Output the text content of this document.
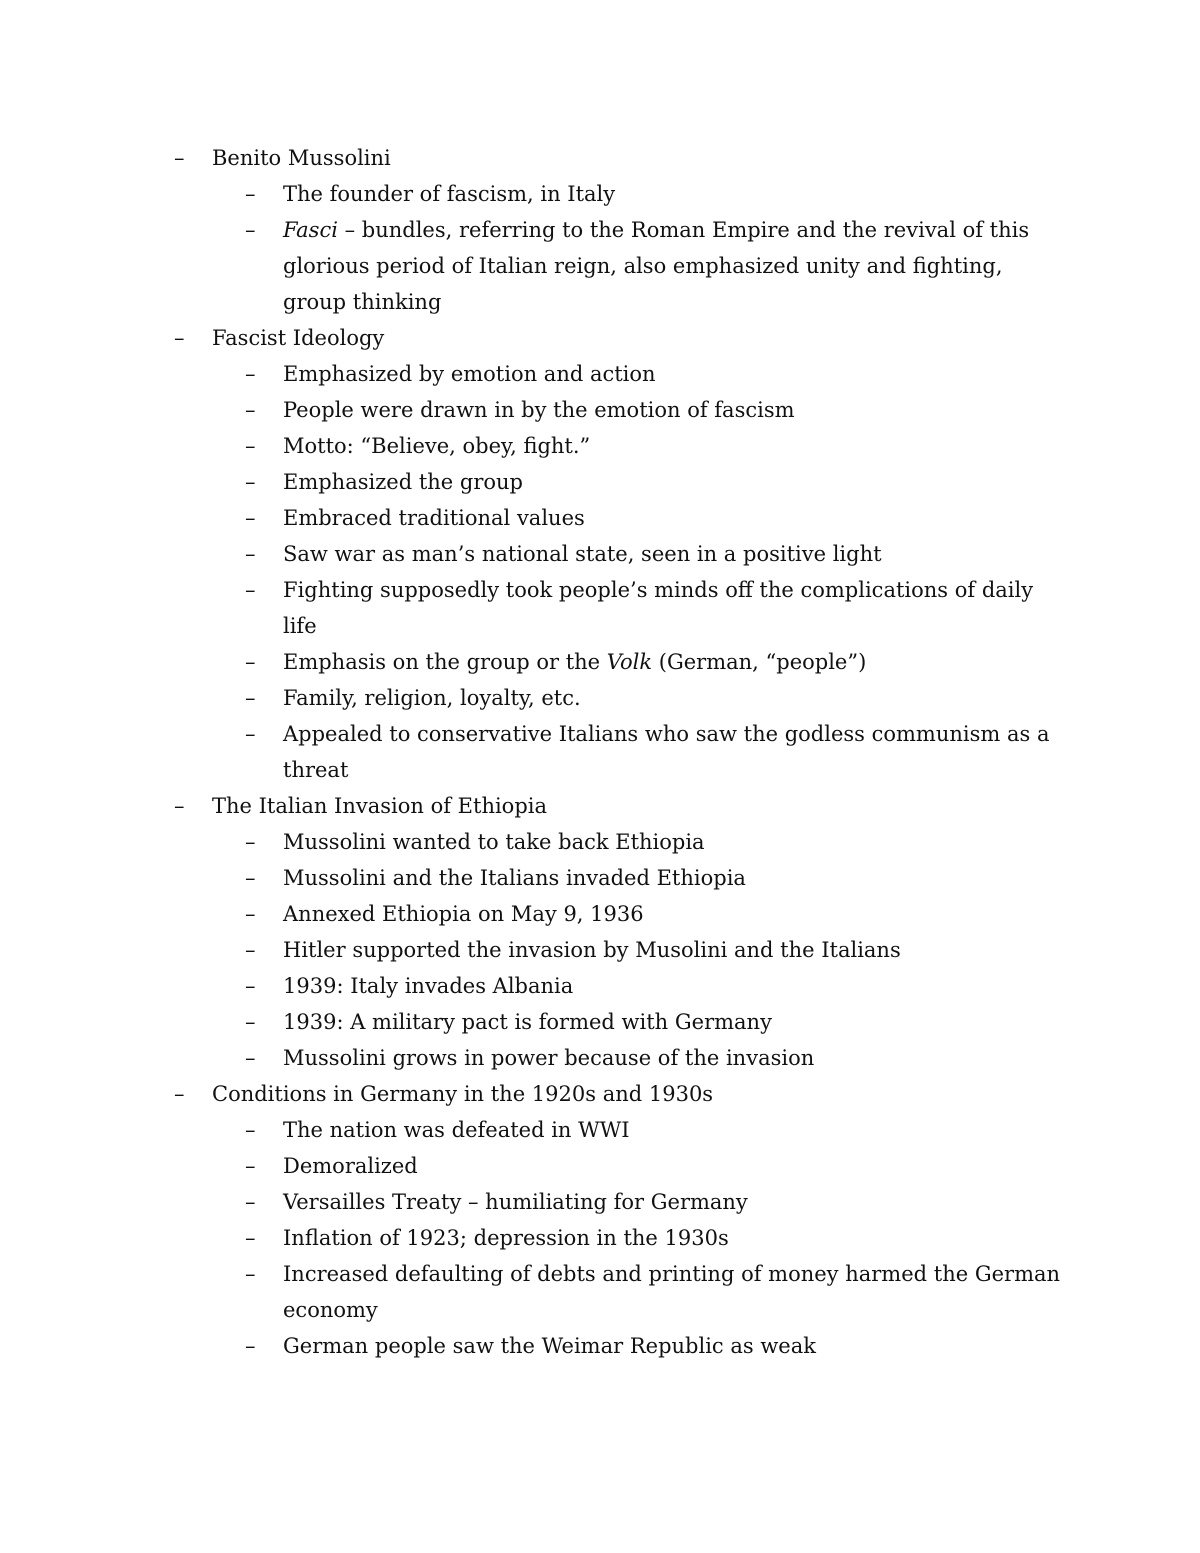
– Benito Mussolini
– The founder of fascism, in Italy
– Fasci – bundles, referring to the Roman Empire and the revival of this glorious period of Italian reign, also emphasized unity and fighting, group thinking
– Fascist Ideology
– Emphasized by emotion and action
– People were drawn in by the emotion of fascism
– Motto: “Believe, obey, fight.”
– Emphasized the group
– Embraced traditional values
– Saw war as man’s national state, seen in a positive light
– Fighting supposedly took people’s minds off the complications of daily life
– Emphasis on the group or the Volk (German, “people”)
– Family, religion, loyalty, etc.
– Appealed to conservative Italians who saw the godless communism as a threat
– The Italian Invasion of Ethiopia
– Mussolini wanted to take back Ethiopia
– Mussolini and the Italians invaded Ethiopia
– Annexed Ethiopia on May 9, 1936
– Hitler supported the invasion by Musolini and the Italians
– 1939: Italy invades Albania
– 1939: A military pact is formed with Germany
– Mussolini grows in power because of the invasion
– Conditions in Germany in the 1920s and 1930s
– The nation was defeated in WWI
– Demoralized
– Versailles Treaty – humiliating for Germany
– Inflation of 1923; depression in the 1930s
– Increased defaulting of debts and printing of money harmed the German economy
– German people saw the Weimar Republic as weak
